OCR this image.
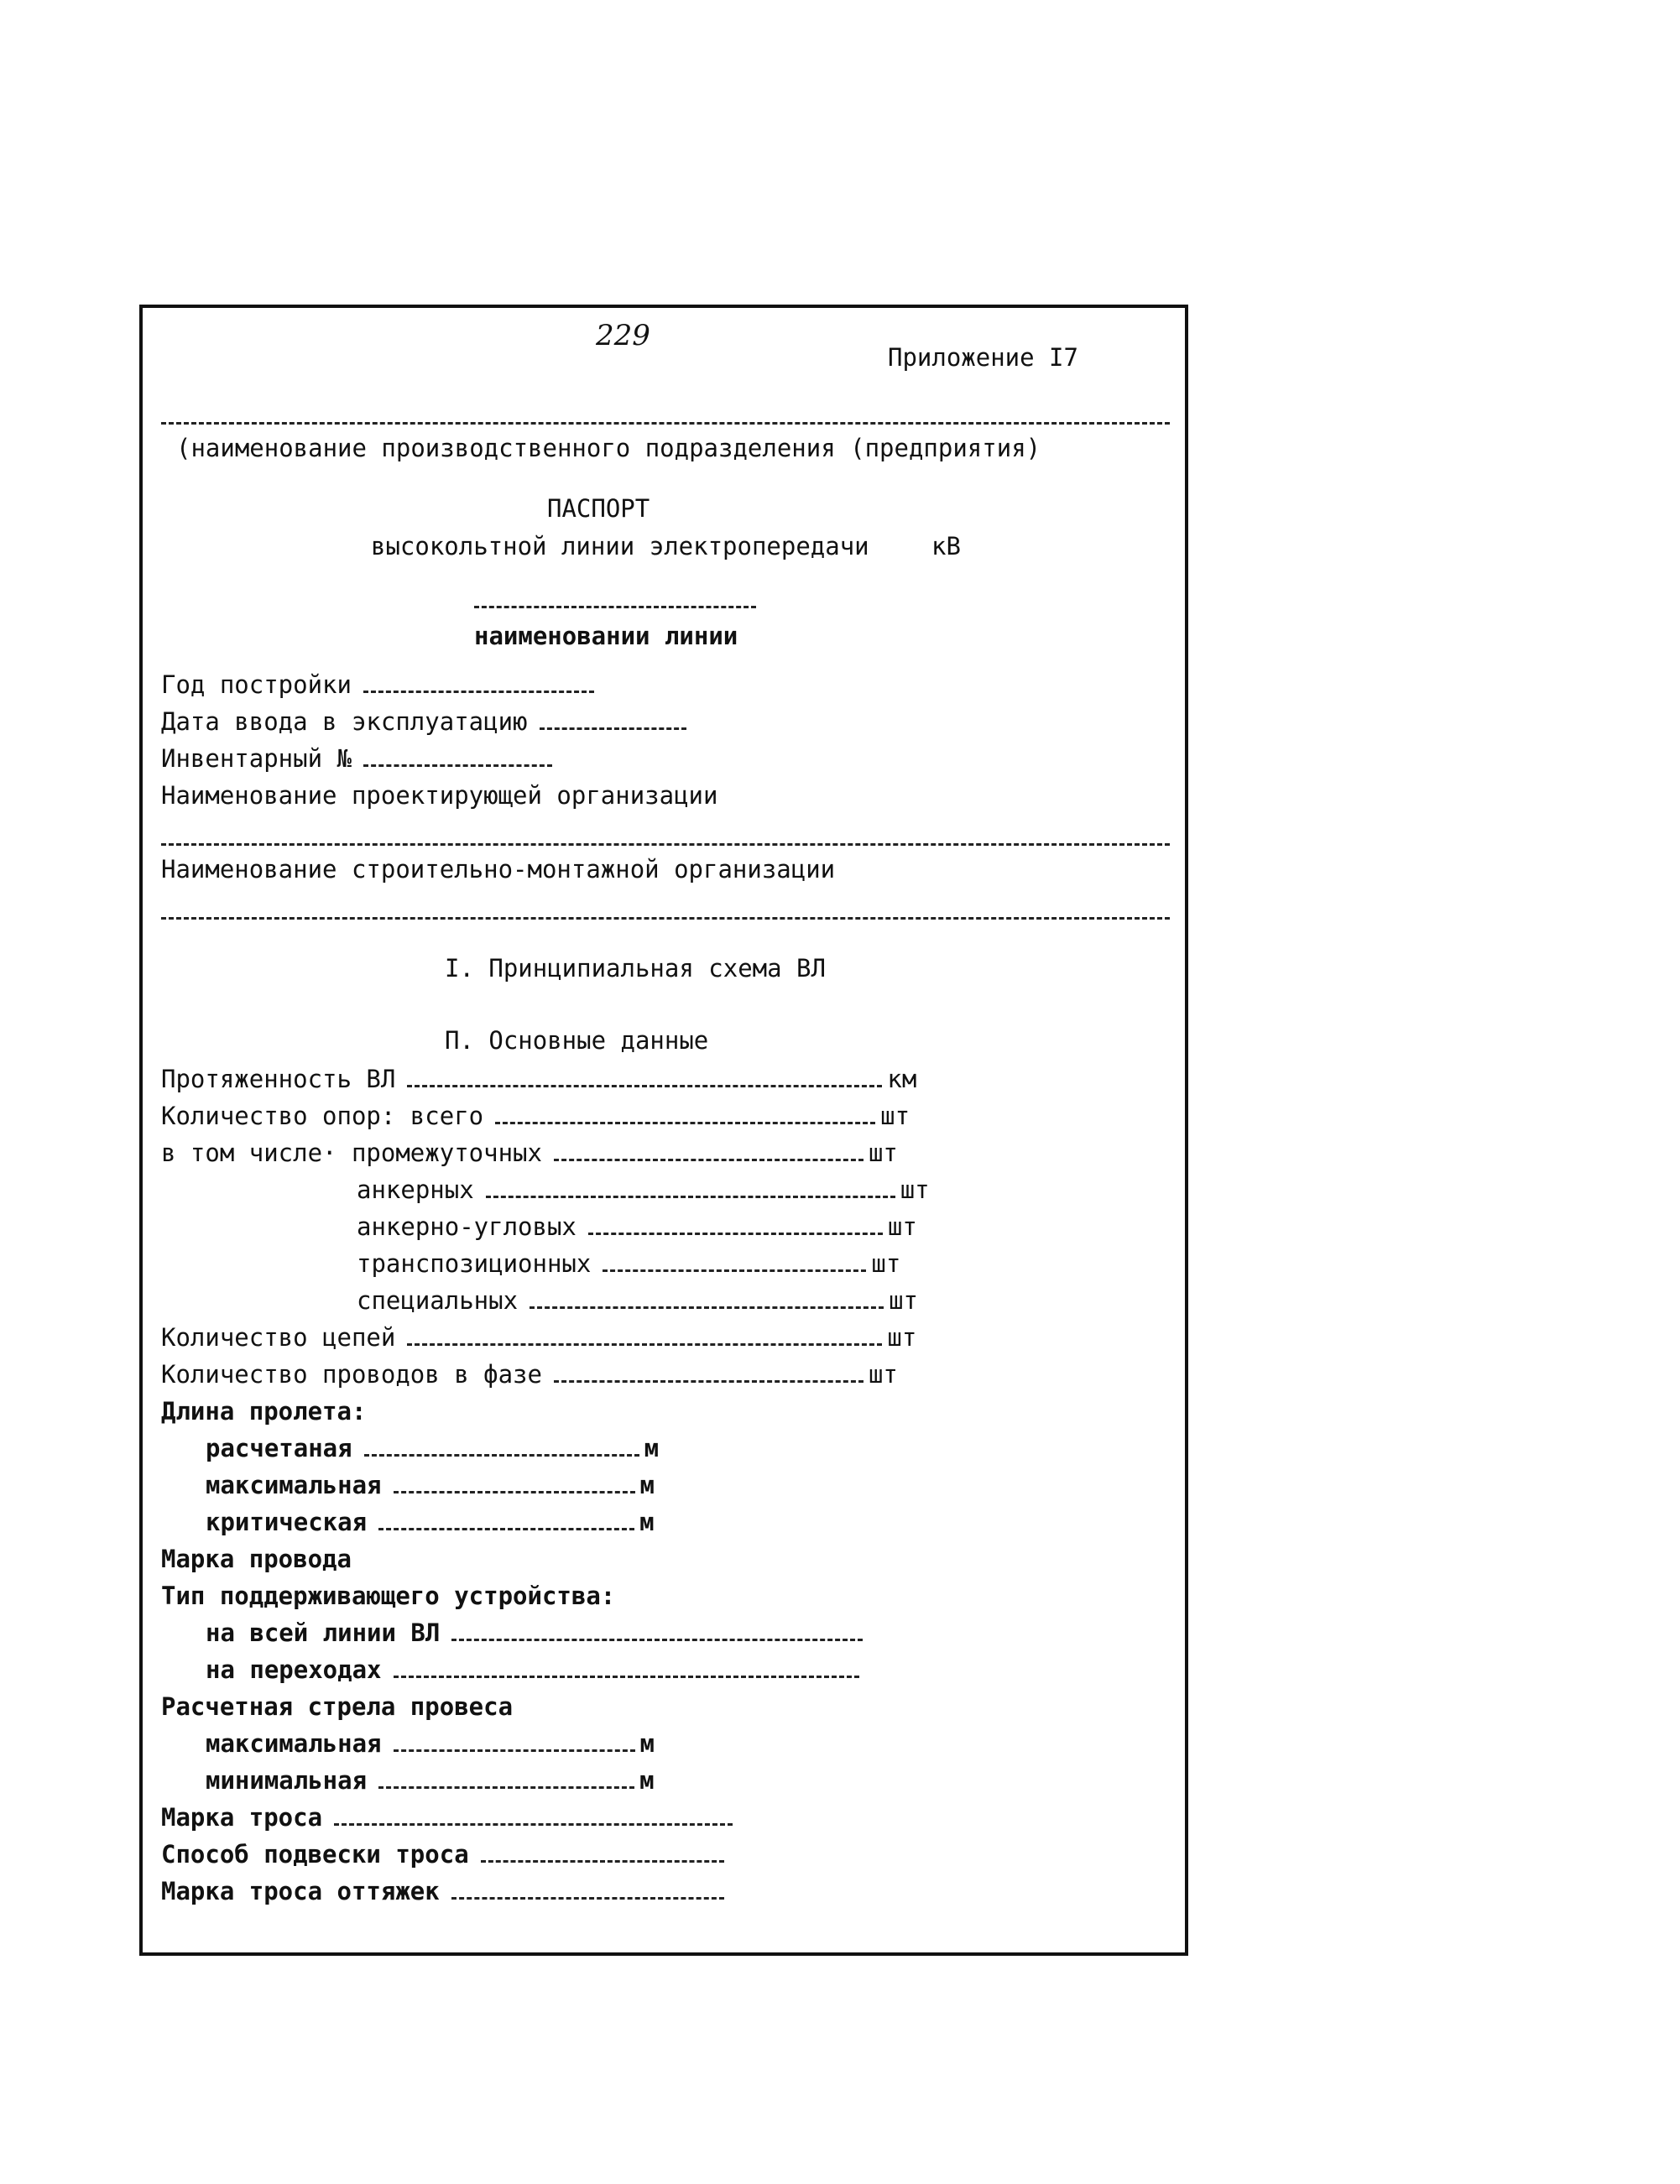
229
Приложение I7
(наименование производственного подразделения (предприятия)
ПАСПОРТ
высокольтной линии электропередачи	кВ
наименовании линии
Год постройки
Дата ввода в эксплуатацию
Инвентарный №
Наименование проектирующей организации
Наименование строительно-монтажной организации
I. Принципиальная схема ВЛ
П. Основные данные
Протяженность ВЛ	км
Количество опор: всего	шт
в том числе· промежуточных	шт
анкерных	шт
анкерно-угловых	шт
транспозиционных	шт
специальных	шт
Количество цепей	шт
Количество проводов в фазе	шт
Длина пролета:
расчетаная	м
максимальная	м
критическая	м
Марка провода
Тип поддерживающего устройства:
на всей линии ВЛ
на переходах
Расчетная стрела провеса
максимальная	м
минимальная	м
Марка троса
Способ подвески троса
Марка троса оттяжек
